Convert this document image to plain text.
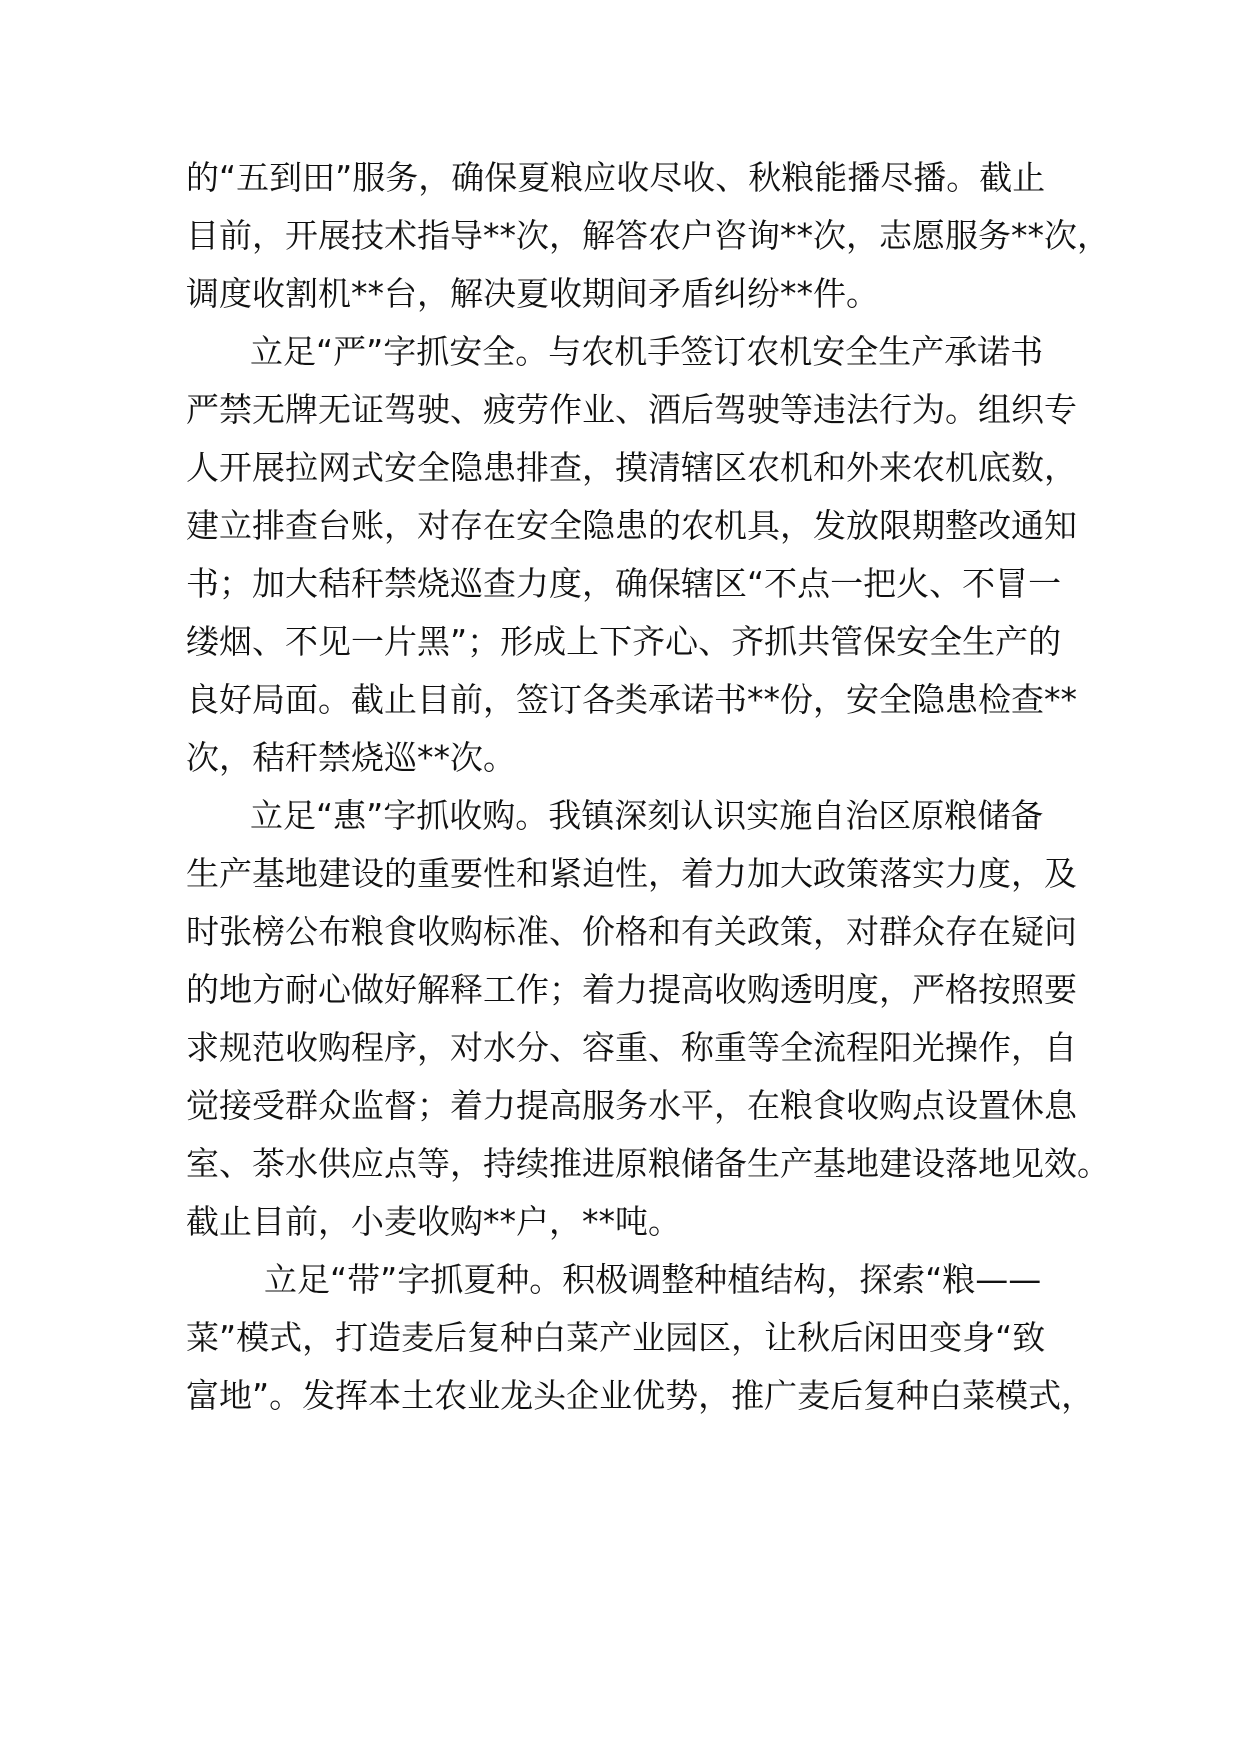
的“五到田”服务，确保夏粮应收尽收、秋粮能播尽播。截止
目前，开展技术指导**次，解答农户咨询**次，志愿服务**次，
调度收割机**台，解决夏收期间矛盾纠纷**件。
立足“严”字抓安全。与农机手签订农机安全生产承诺书
严禁无牌无证驾驶、疲劳作业、酒后驾驶等违法行为。组织专
人开展拉网式安全隐患排查，摸清辖区农机和外来农机底数，
建立排查台账，对存在安全隐患的农机具，发放限期整改通知
书；加大秸秆禁烧巡查力度，确保辖区“不点一把火、不冒一
缕烟、不见一片黑”；形成上下齐心、齐抓共管保安全生产的
良好局面。截止目前，签订各类承诺书**份，安全隐患检查**
次，秸秆禁烧巡**次。
立足“惠”字抓收购。我镇深刻认识实施自治区原粮储备
生产基地建设的重要性和紧迫性，着力加大政策落实力度，及
时张榜公布粮食收购标准、价格和有关政策，对群众存在疑问
的地方耐心做好解释工作；着力提高收购透明度，严格按照要
求规范收购程序，对水分、容重、称重等全流程阳光操作，自
觉接受群众监督；着力提高服务水平，在粮食收购点设置休息
室、茶水供应点等，持续推进原粮储备生产基地建设落地见效。
截止目前，小麦收购**户，**吨。
立足“带”字抓夏种。积极调整种植结构，探索“粮——
菜”模式，打造麦后复种白菜产业园区，让秋后闲田变身“致
富地”。发挥本土农业龙头企业优势，推广麦后复种白菜模式，
